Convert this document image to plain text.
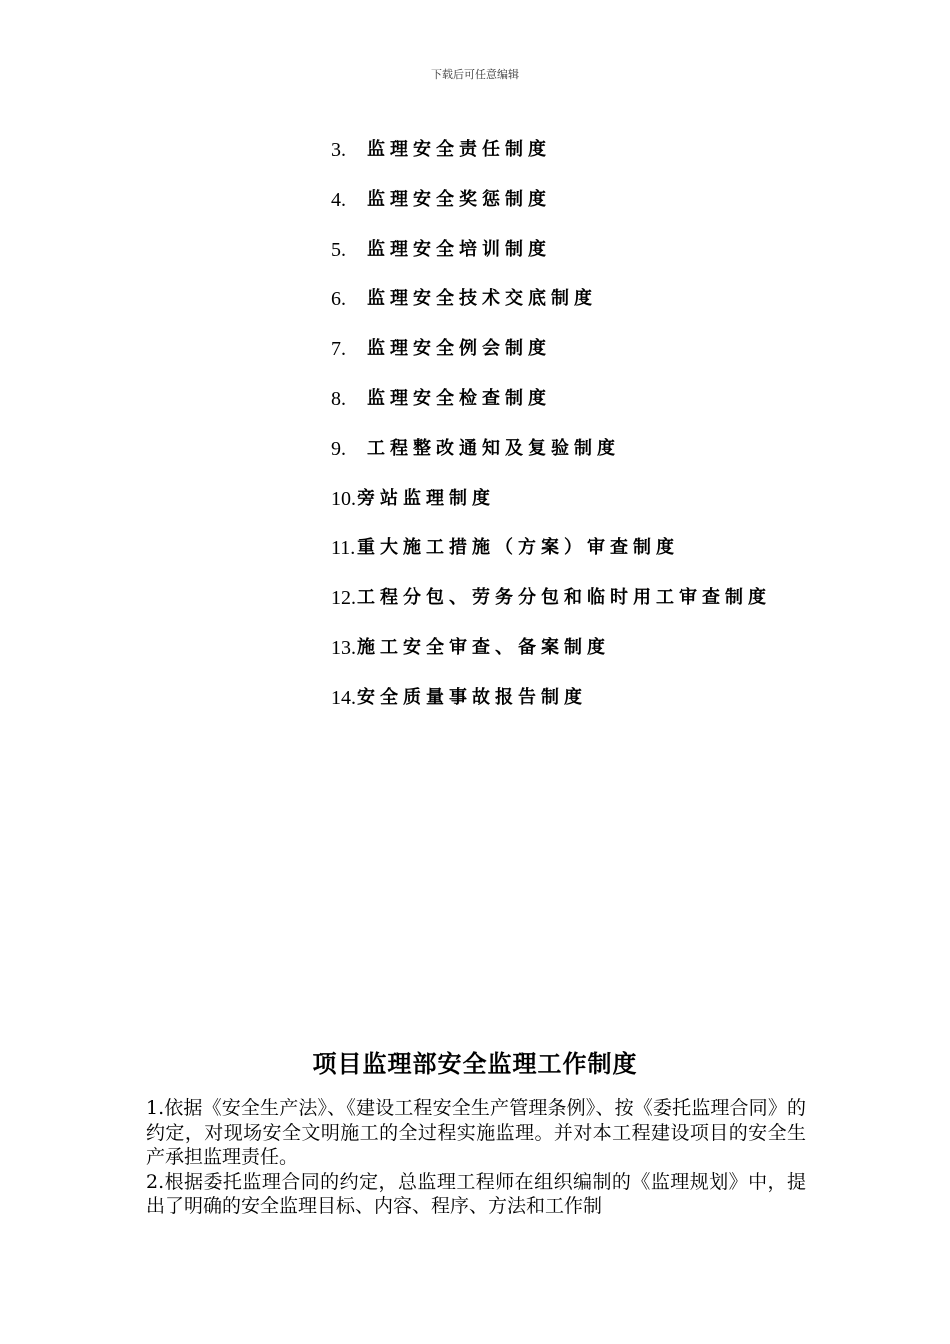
下载后可任意编辑
3.	监理安全责任制度
4.	监理安全奖惩制度
5.	监理安全培训制度
6.	监理安全技术交底制度
7.	监理安全例会制度
8.	监理安全检查制度
9.	工程整改通知及复验制度
10. 旁站监理制度
11. 重大施工措施（方案）审查制度
12. 工程分包、劳务分包和临时用工审查制度
13. 施工安全审查、备案制度
14. 安全质量事故报告制度
项目监理部安全监理工作制度

1.依据《安全生产法》、《建设工程安全生产管理条例》、按《委托监理合同》的约定，对现场安全文明施工的全过程实施监理。并对本工程建设项目的安全生产承担监理责任。

2.根据委托监理合同的约定，总监理工程师在组织编制的《监理规划》中，提出了明确的安全监理目标、内容、程序、方法和工作制
